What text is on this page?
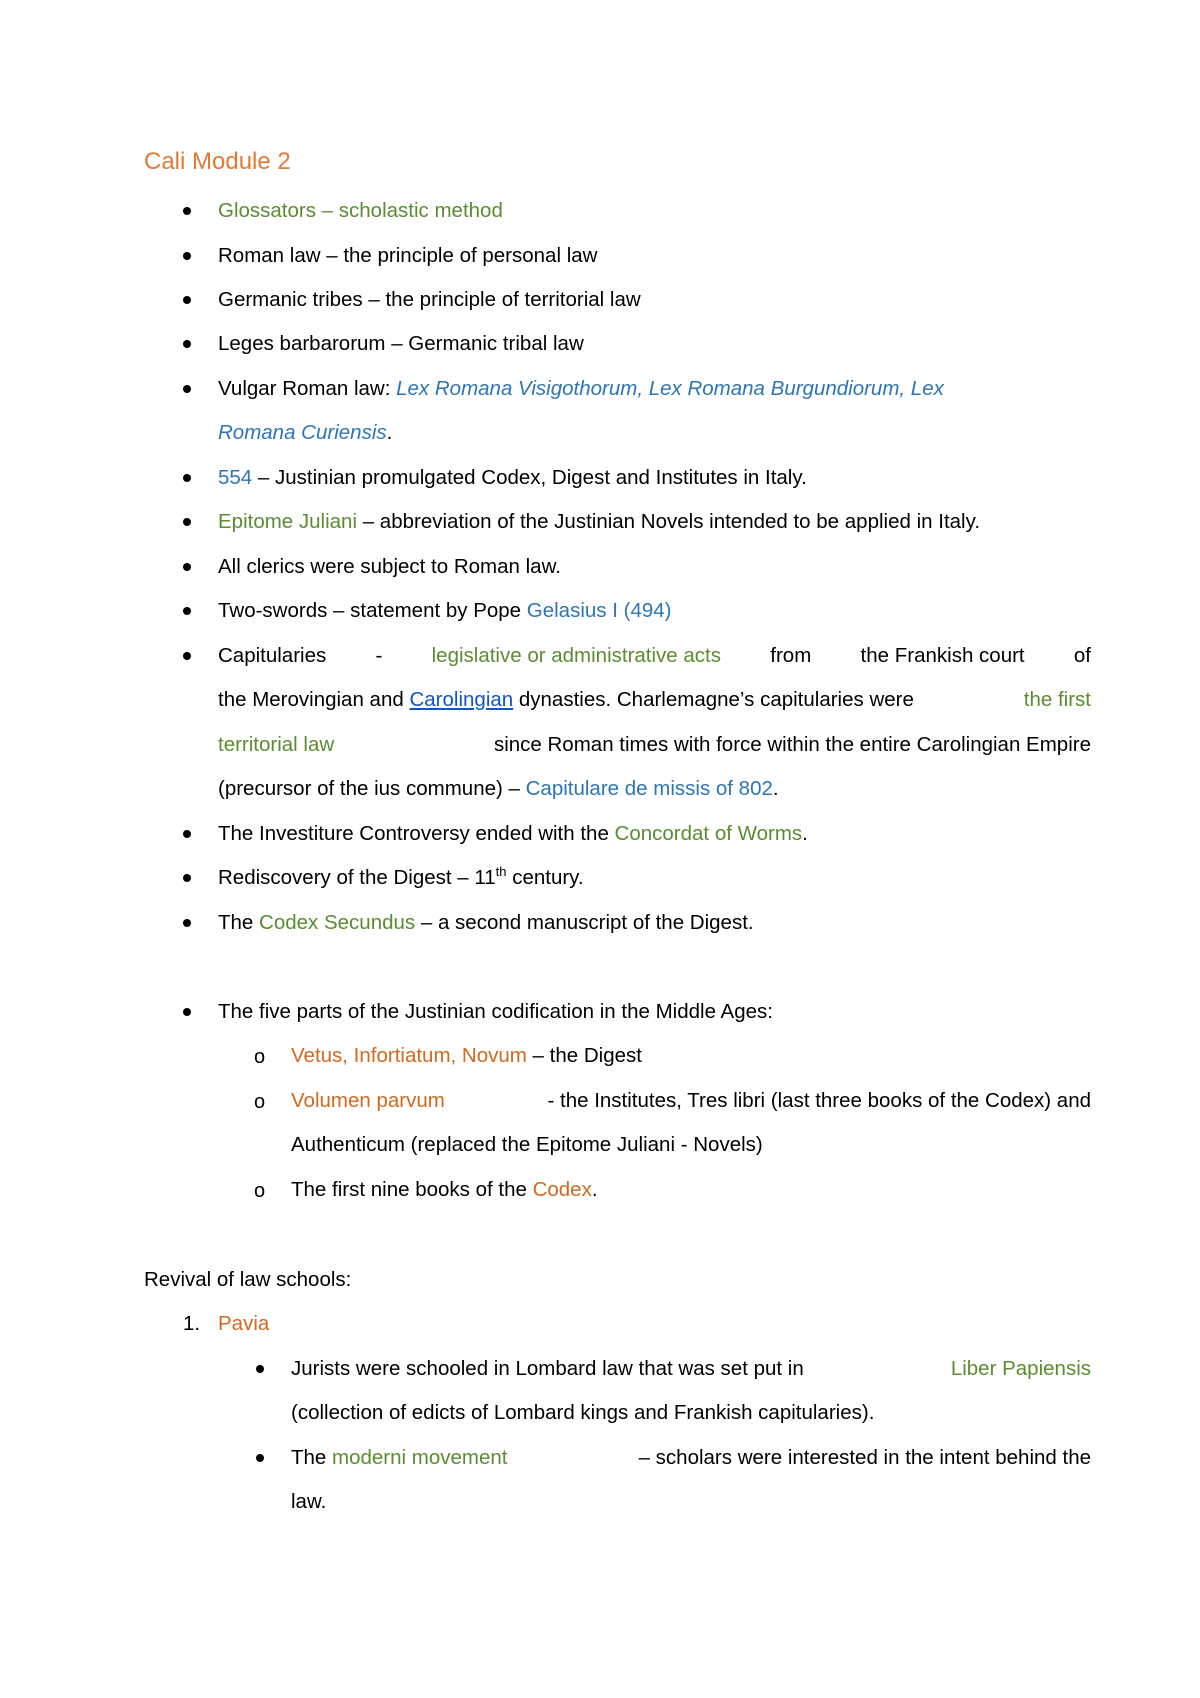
Cali Module 2
Glossators – scholastic method
Roman law – the principle of personal law
Germanic tribes – the principle of territorial law
Leges barbarorum – Germanic tribal law
Vulgar Roman law: Lex Romana Visigothorum, Lex Romana Burgundiorum, Lex
Romana Curiensis.
554 – Justinian promulgated Codex, Digest and Institutes in Italy.
Epitome Juliani – abbreviation of the Justinian Novels intended to be applied in Italy.
All clerics were subject to Roman law.
Two-swords – statement by Pope Gelasius I (494)
Capitularies - legislative or administrative acts from the Frankish court of
the Merovingian and Carolingian dynasties. Charlemagne’s capitularies were	the first
territorial law	since Roman times with force within the entire Carolingian Empire
(precursor of the ius commune) – Capitulare de missis of 802.
The Investiture Controversy ended with the Concordat of Worms.
Rediscovery of the Digest – 11th century.
The Codex Secundus – a second manuscript of the Digest.
The five parts of the Justinian codification in the Middle Ages:
o Vetus, Infortiatum, Novum – the Digest
o Volumen parvum	- the Institutes, Tres libri (last three books of the Codex) and
Authenticum (replaced the Epitome Juliani - Novels)
o The first nine books of the Codex.
Revival of law schools:
1. Pavia
Jurists were schooled in Lombard law that was set put in	Liber Papiensis
(collection of edicts of Lombard kings and Frankish capitularies).
The moderni movement	– scholars were interested in the intent behind the
law.
